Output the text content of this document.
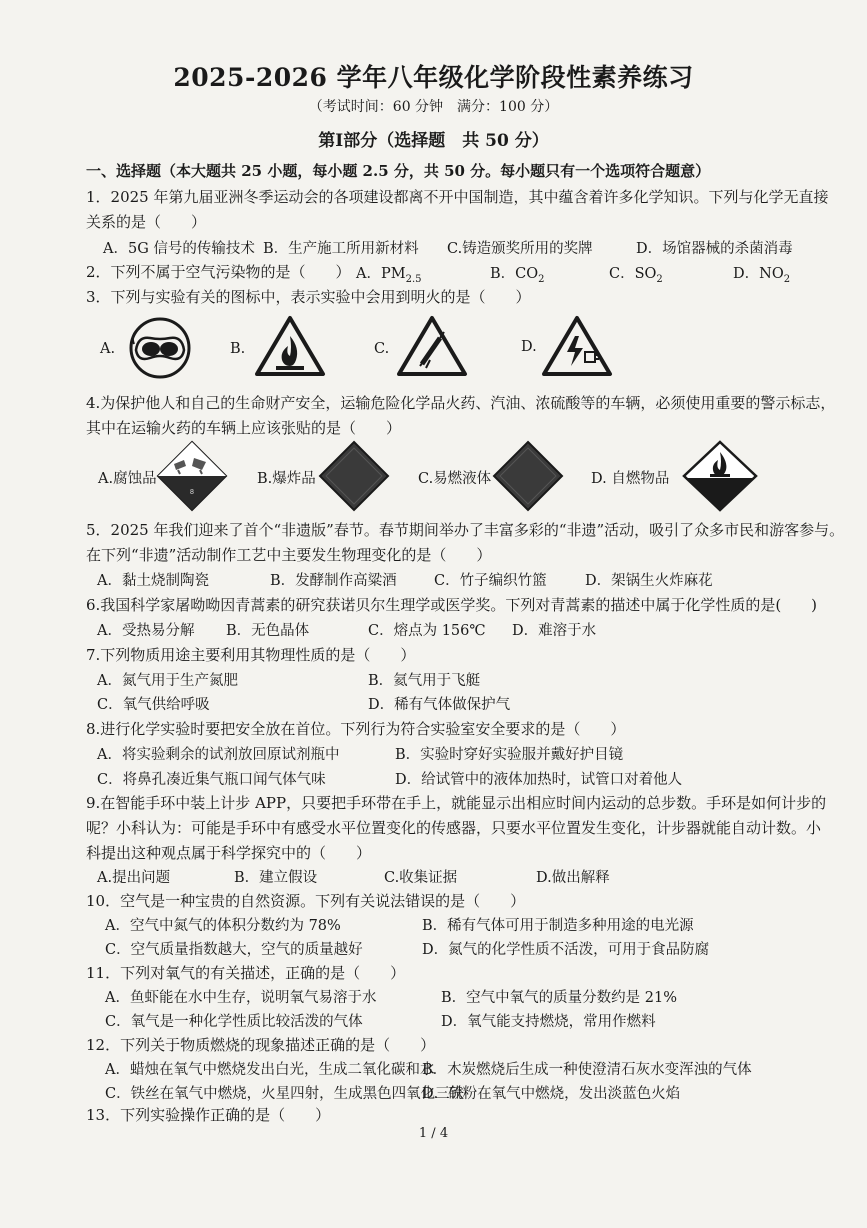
2025-2026 学年八年级化学阶段性素养练习
（考试时间：60 分钟　满分：100 分）
第Ⅰ部分（选择题　共 50 分）
一、选择题（本大题共 25 小题，每小题 2.5 分，共 50 分。每小题只有一个选项符合题意）
1．2025 年第九届亚洲冬季运动会的各项建设都离不开中国制造，其中蕴含着许多化学知识。下列与化学无直接
关系的是（　　）
A．5G 信号的传输技术 B．生产施工所用新材料 C.铸造颁奖所用的奖牌	D．场馆器械的杀菌消毒
2．下列不属于空气污染物的是（　　） A．$PM_{2.5}$	B．$CO_2$	C．$SO_2$	D．$NO_2$
3．下列与实验有关的图标中，表示实验中会用到明火的是（　　）
A.	B.	C.	D.
4.为保护他人和自己的生命财产安全，运输危险化学品火药、汽油、浓硫酸等的车辆，必须使用重要的警示标志，
其中在运输火药的车辆上应该张贴的是（　　）
A.腐蚀品
8
B.爆炸品	C.易燃液体	D. 自燃物品
5．2025 年我们迎来了首个“非遗版”春节。春节期间举办了丰富多彩的“非遗”活动，吸引了众多市民和游客参与。
在下列“非遗”活动制作工艺中主要发生物理变化的是（　　）
A．黏土烧制陶瓷	B．发酵制作高粱酒	C．竹子编织竹篮	D．架锅生火炸麻花
6.我国科学家屠呦呦因青蒿素的研究获诺贝尔生理学或医学奖。下列对青蒿素的描述中属于化学性质的是(　　)
A．受热易分解 B．无色晶体	C．熔点为 156℃ D．难溶于水
7.下列物质用途主要利用其物理性质的是（　　）
A．氮气用于生产氮肥	B．氦气用于飞艇
C．氧气供给呼吸	D．稀有气体做保护气
8.进行化学实验时要把安全放在首位。下列行为符合实验室安全要求的是（　　）
A．将实验剩余的试剂放回原试剂瓶中	B．实验时穿好实验服并戴好护目镜
C．将鼻孔凑近集气瓶口闻气体气味	D．给试管中的液体加热时，试管口对着他人
9.在智能手环中装上计步 APP，只要把手环带在手上，就能显示出相应时间内运动的总步数。手环是如何计步的
呢？小科认为：可能是手环中有感受水平位置变化的传感器，只要水平位置发生变化，计步器就能自动计数。小
科提出这种观点属于科学探究中的（　　）
A.提出问题	B．建立假设	C.收集证据	D.做出解释
10．空气是一种宝贵的自然资源。下列有关说法错误的是（　　）
A．空气中氮气的体积分数约为 78%	B．稀有气体可用于制造多种用途的电光源
C．空气质量指数越大，空气的质量越好	D．氮气的化学性质不活泼，可用于食品防腐
11．下列对氧气的有关描述，正确的是（　　）
A．鱼虾能在水中生存，说明氧气易溶于水	B．空气中氧气的质量分数约是 21%
C．氧气是一种化学性质比较活泼的气体	D．氧气能支持燃烧，常用作燃料
12．下列关于物质燃烧的现象描述正确的是（　　）
A．蜡烛在氧气中燃烧发出白光，生成二氧化碳和水
B．木炭燃烧后生成一种使澄清石灰水变浑浊的气体
C．铁丝在氧气中燃烧，火星四射，生成黑色四氧化三铁
D．硫粉在氧气中燃烧，发出淡蓝色火焰
13．下列实验操作正确的是（　　）
1 / 4
